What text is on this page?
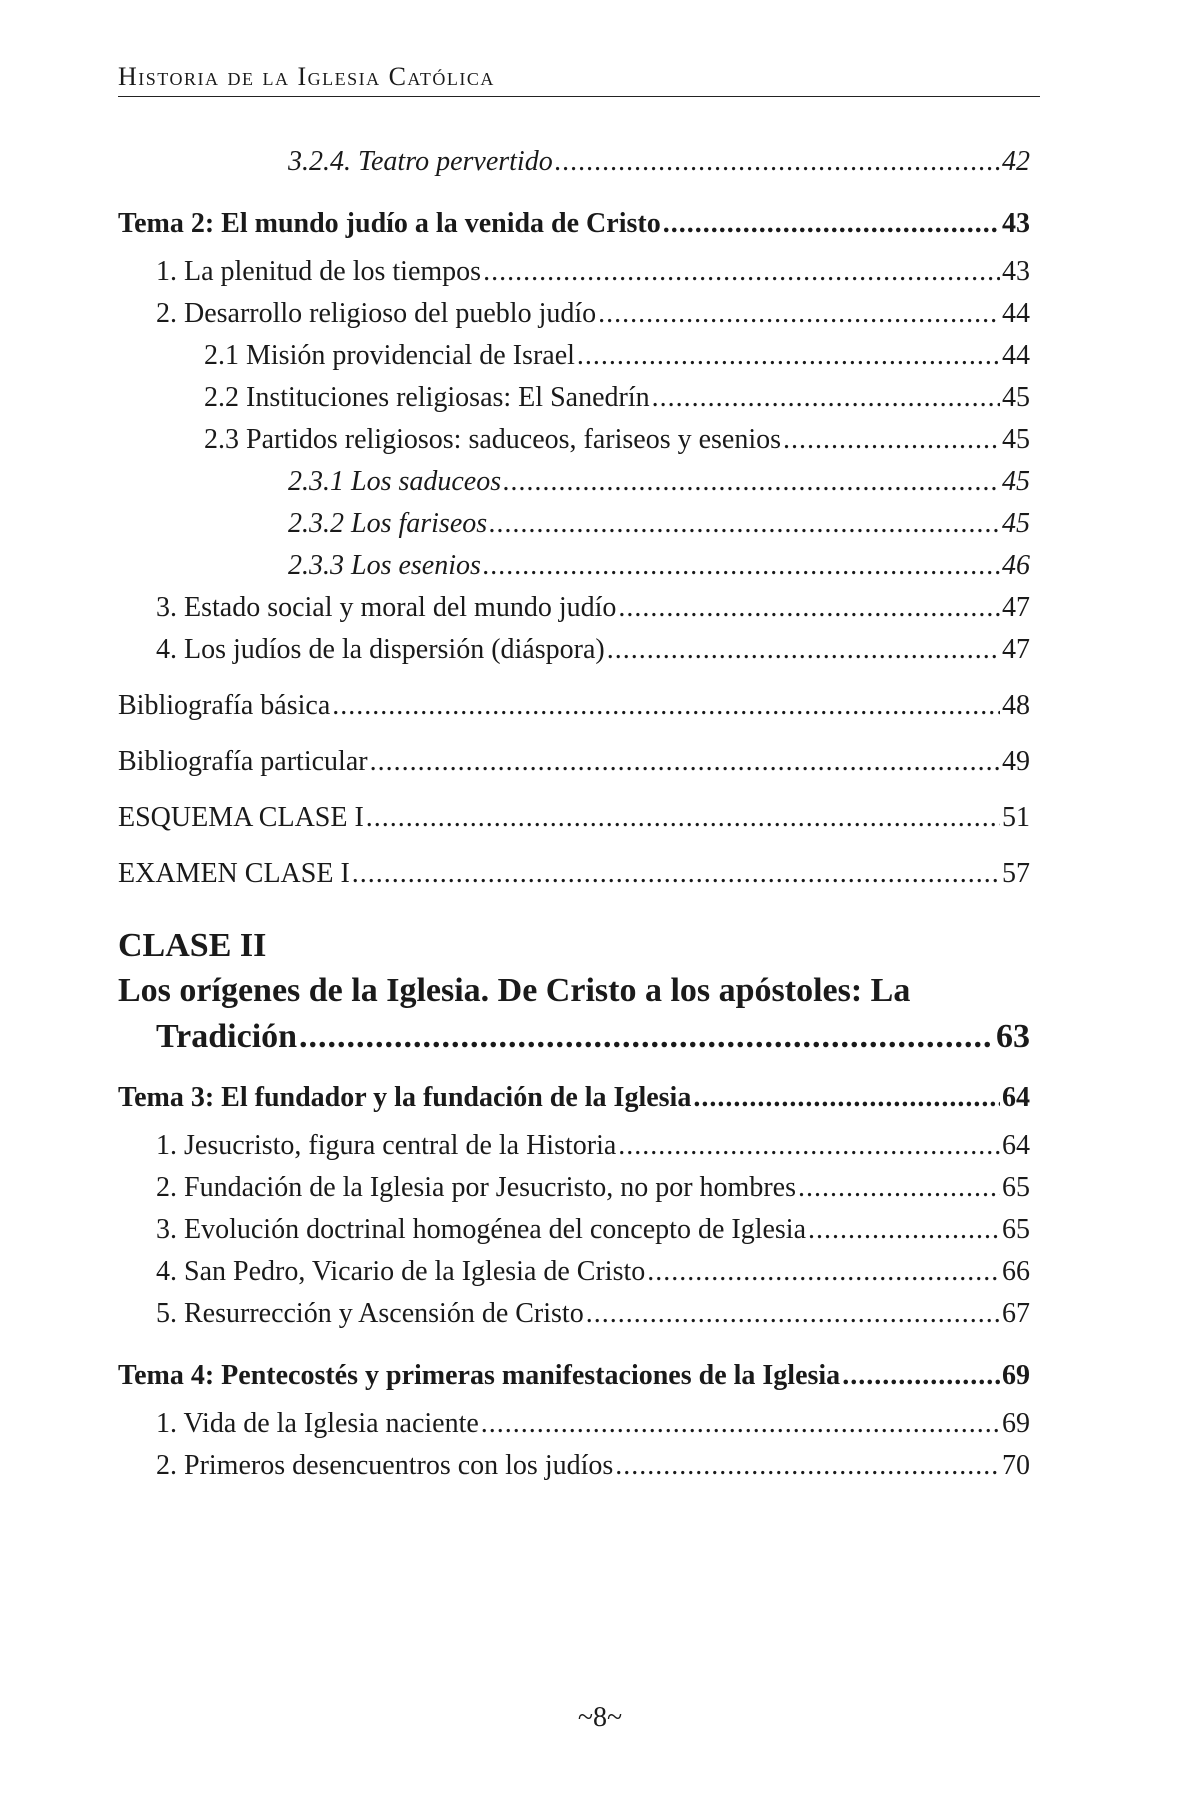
Historia de la Iglesia Católica
3.2.4. Teatro pervertido .....	42
Tema 2: El mundo judío a la venida de Cristo .....	43
1. La plenitud de los tiempos .....	43
2. Desarrollo religioso del pueblo judío .....	44
2.1 Misión providencial de Israel .....	44
2.2 Instituciones religiosas: El Sanedrín .....	45
2.3 Partidos religiosos: saduceos, fariseos y esenios .....	45
2.3.1 Los saduceos .....	45
2.3.2 Los fariseos .....	45
2.3.3 Los esenios .....	46
3. Estado social y moral del mundo judío .....	47
4. Los judíos de la dispersión (diáspora) .....	47
Bibliografía básica .....	48
Bibliografía particular .....	49
ESQUEMA CLASE I .....	51
EXAMEN CLASE I .....	57
CLASE II
Los orígenes de la Iglesia. De Cristo a los apóstoles: La
Tradición .....	63
Tema 3: El fundador y la fundación de la Iglesia .....	64
1. Jesucristo, figura central de la Historia .....	64
2. Fundación de la Iglesia por Jesucristo, no por hombres .....	65
3. Evolución doctrinal homogénea del concepto de Iglesia .....	65
4. San Pedro, Vicario de la Iglesia de Cristo .....	66
5. Resurrección y Ascensión de Cristo .....	67
Tema 4: Pentecostés y primeras manifestaciones de la Iglesia .....	69
1. Vida de la Iglesia naciente .....	69
2. Primeros desencuentros con los judíos .....	70
~8~
